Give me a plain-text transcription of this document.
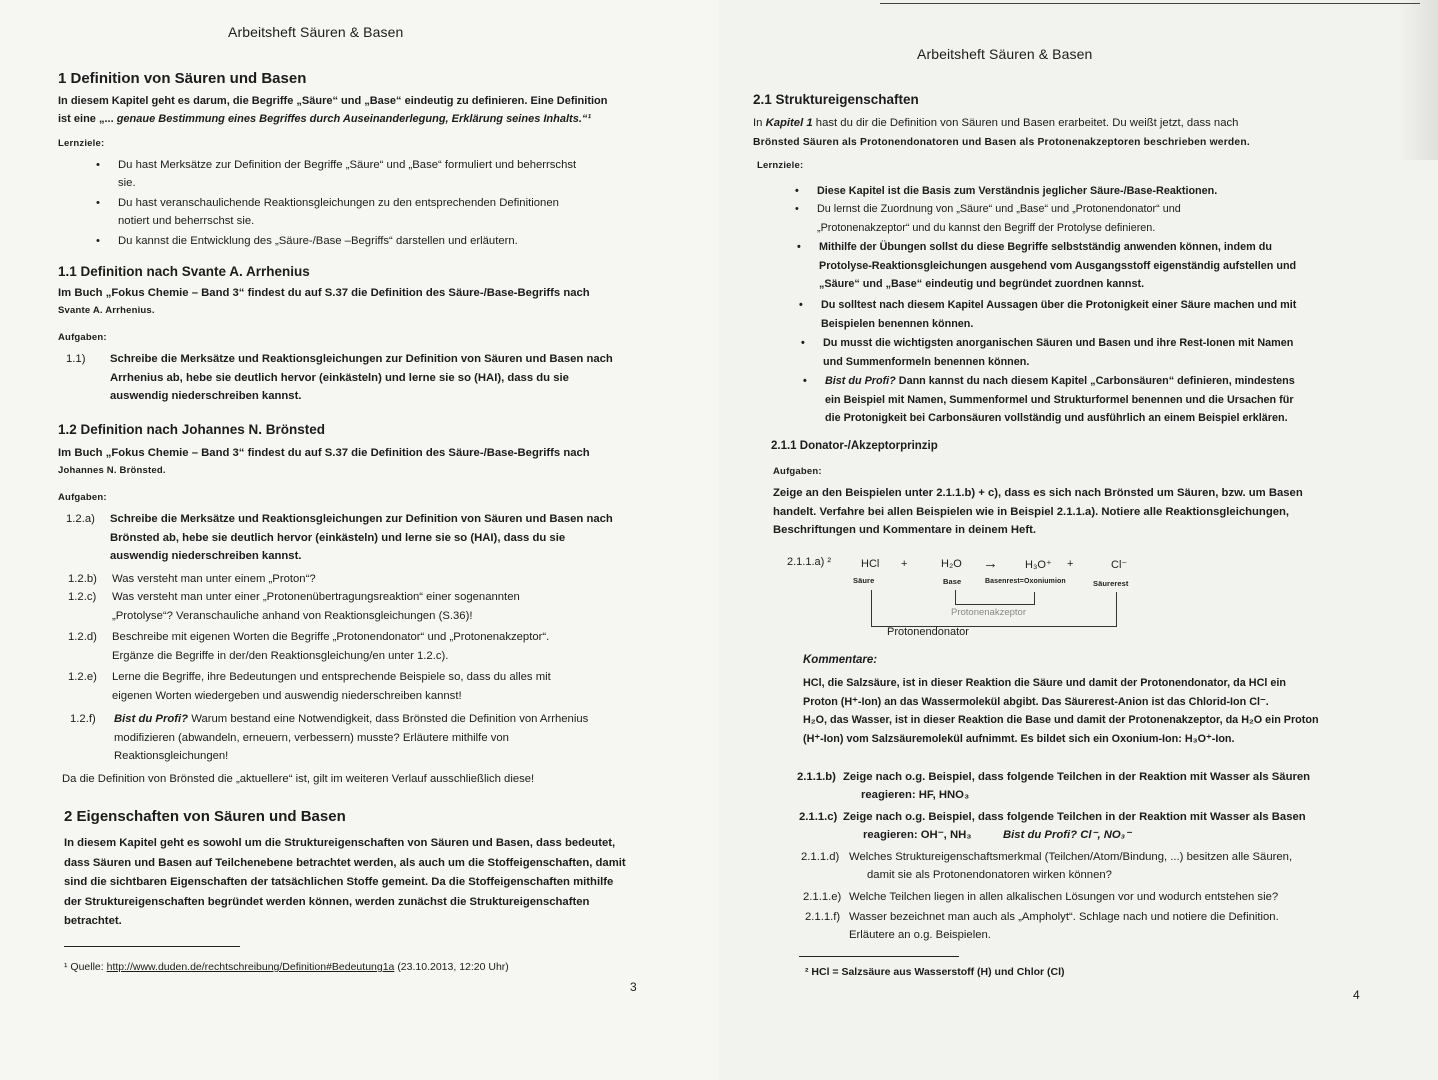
Arbeitsheft Säuren & Basen
1 Definition von Säuren und Basen
In diesem Kapitel geht es darum, die Begriffe „Säure“ und „Base“ eindeutig zu definieren. Eine Definition
ist eine „... genaue Bestimmung eines Begriffes durch Auseinanderlegung, Erklärung seines Inhalts.“¹
Lernziele:
• Du hast Merksätze zur Definition der Begriffe „Säure“ und „Base“ formuliert und beherrschst
sie.
• Du hast veranschaulichende Reaktionsgleichungen zu den entsprechenden Definitionen
notiert und beherrschst sie.
• Du kannst die Entwicklung des „Säure-/Base –Begriffs“ darstellen und erläutern.
1.1 Definition nach Svante A. Arrhenius
Im Buch „Fokus Chemie – Band 3“ findest du auf S.37 die Definition des Säure-/Base-Begriffs nach
Svante A. Arrhenius.
Aufgaben:
1.1) Schreibe die Merksätze und Reaktionsgleichungen zur Definition von Säuren und Basen nach
Arrhenius ab, hebe sie deutlich hervor (einkästeln) und lerne sie so (HAI), dass du sie
auswendig niederschreiben kannst.
1.2 Definition nach Johannes N. Brönsted
Im Buch „Fokus Chemie – Band 3“ findest du auf S.37 die Definition des Säure-/Base-Begriffs nach
Johannes N. Brönsted.
Aufgaben:
1.2.a) Schreibe die Merksätze und Reaktionsgleichungen zur Definition von Säuren und Basen nach
Brönsted ab, hebe sie deutlich hervor (einkästeln) und lerne sie so (HAI), dass du sie
auswendig niederschreiben kannst.
1.2.b) Was versteht man unter einem „Proton“?
1.2.c) Was versteht man unter einer „Protonenübertragungsreaktion“ einer sogenannten
„Protolyse“? Veranschauliche anhand von Reaktionsgleichungen (S.36)!
1.2.d) Beschreibe mit eigenen Worten die Begriffe „Protonendonator“ und „Protonenakzeptor“.
Ergänze die Begriffe in der/den Reaktionsgleichung/en unter 1.2.c).
1.2.e) Lerne die Begriffe, ihre Bedeutungen und entsprechende Beispiele so, dass du alles mit
eigenen Worten wiedergeben und auswendig niederschreiben kannst!
1.2.f) Bist du Profi? Warum bestand eine Notwendigkeit, dass Brönsted die Definition von Arrhenius
modifizieren (abwandeln, erneuern, verbessern) musste? Erläutere mithilfe von
Reaktionsgleichungen!
Da die Definition von Brönsted die „aktuellere“ ist, gilt im weiteren Verlauf ausschließlich diese!
2 Eigenschaften von Säuren und Basen
In diesem Kapitel geht es sowohl um die Struktureigenschaften von Säuren und Basen, dass bedeutet,
dass Säuren und Basen auf Teilchenebene betrachtet werden, als auch um die Stoffeigenschaften, damit
sind die sichtbaren Eigenschaften der tatsächlichen Stoffe gemeint. Da die Stoffeigenschaften mithilfe
der Struktureigenschaften begründet werden können, werden zunächst die Struktureigenschaften
betrachtet.
¹ Quelle: http://www.duden.de/rechtschreibung/Definition#Bedeutung1a (23.10.2013, 12:20 Uhr)
3
Arbeitsheft Säuren & Basen
2.1 Struktureigenschaften
In Kapitel 1 hast du dir die Definition von Säuren und Basen erarbeitet. Du weißt jetzt, dass nach
Brönsted Säuren als Protonendonatoren und Basen als Protonenakzeptoren beschrieben werden.
Lernziele:
• Diese Kapitel ist die Basis zum Verständnis jeglicher Säure-/Base-Reaktionen.
• Du lernst die Zuordnung von „Säure“ und „Base“ und „Protonendonator“ und
„Protonenakzeptor“ und du kannst den Begriff der Protolyse definieren.
• Mithilfe der Übungen sollst du diese Begriffe selbstständig anwenden können, indem du
Protolyse-Reaktionsgleichungen ausgehend vom Ausgangsstoff eigenständig aufstellen und
„Säure“ und „Base“ eindeutig und begründet zuordnen kannst.
• Du solltest nach diesem Kapitel Aussagen über die Protonigkeit einer Säure machen und mit
Beispielen benennen können.
• Du musst die wichtigsten anorganischen Säuren und Basen und ihre Rest-Ionen mit Namen
und Summenformeln benennen können.
• Bist du Profi? Dann kannst du nach diesem Kapitel „Carbonsäuren“ definieren, mindestens
ein Beispiel mit Namen, Summenformel und Strukturformel benennen und die Ursachen für
die Protonigkeit bei Carbonsäuren vollständig und ausführlich an einem Beispiel erklären.
2.1.1 Donator-/Akzeptorprinzip
Aufgaben:
Zeige an den Beispielen unter 2.1.1.b) + c), dass es sich nach Brönsted um Säuren, bzw. um Basen
handelt. Verfahre bei allen Beispielen wie in Beispiel 2.1.1.a). Notiere alle Reaktionsgleichungen,
Beschriftungen und Kommentare in deinem Heft.
2.1.1.a) ²	HCl +	H₂O → H₃O⁺ +	Cl⁻
Säure	Base	Basenrest=Oxoniumion	Säurerest
Protonenakzeptor
Protonendonator
Kommentare:
HCl, die Salzsäure, ist in dieser Reaktion die Säure und damit der Protonendonator, da HCl ein
Proton (H⁺-Ion) an das Wassermolekül abgibt. Das Säurerest-Anion ist das Chlorid-Ion Cl⁻.
H₂O, das Wasser, ist in dieser Reaktion die Base und damit der Protonenakzeptor, da H₂O ein Proton
(H⁺-Ion) vom Salzsäuremolekül aufnimmt. Es bildet sich ein Oxonium-Ion: H₃O⁺-Ion.
2.1.1.b) Zeige nach o.g. Beispiel, dass folgende Teilchen in der Reaktion mit Wasser als Säuren
reagieren: HF, HNO₃
2.1.1.c) Zeige nach o.g. Beispiel, dass folgende Teilchen in der Reaktion mit Wasser als Basen
reagieren: OH⁻, NH₃	Bist du Profi? Cl⁻, NO₃⁻
2.1.1.d) Welches Struktureigenschaftsmerkmal (Teilchen/Atom/Bindung, ...) besitzen alle Säuren,
damit sie als Protonendonatoren wirken können?
2.1.1.e) Welche Teilchen liegen in allen alkalischen Lösungen vor und wodurch entstehen sie?
2.1.1.f) Wasser bezeichnet man auch als „Ampholyt“. Schlage nach und notiere die Definition.
Erläutere an o.g. Beispielen.
² HCl = Salzsäure aus Wasserstoff (H) und Chlor (Cl)
4
